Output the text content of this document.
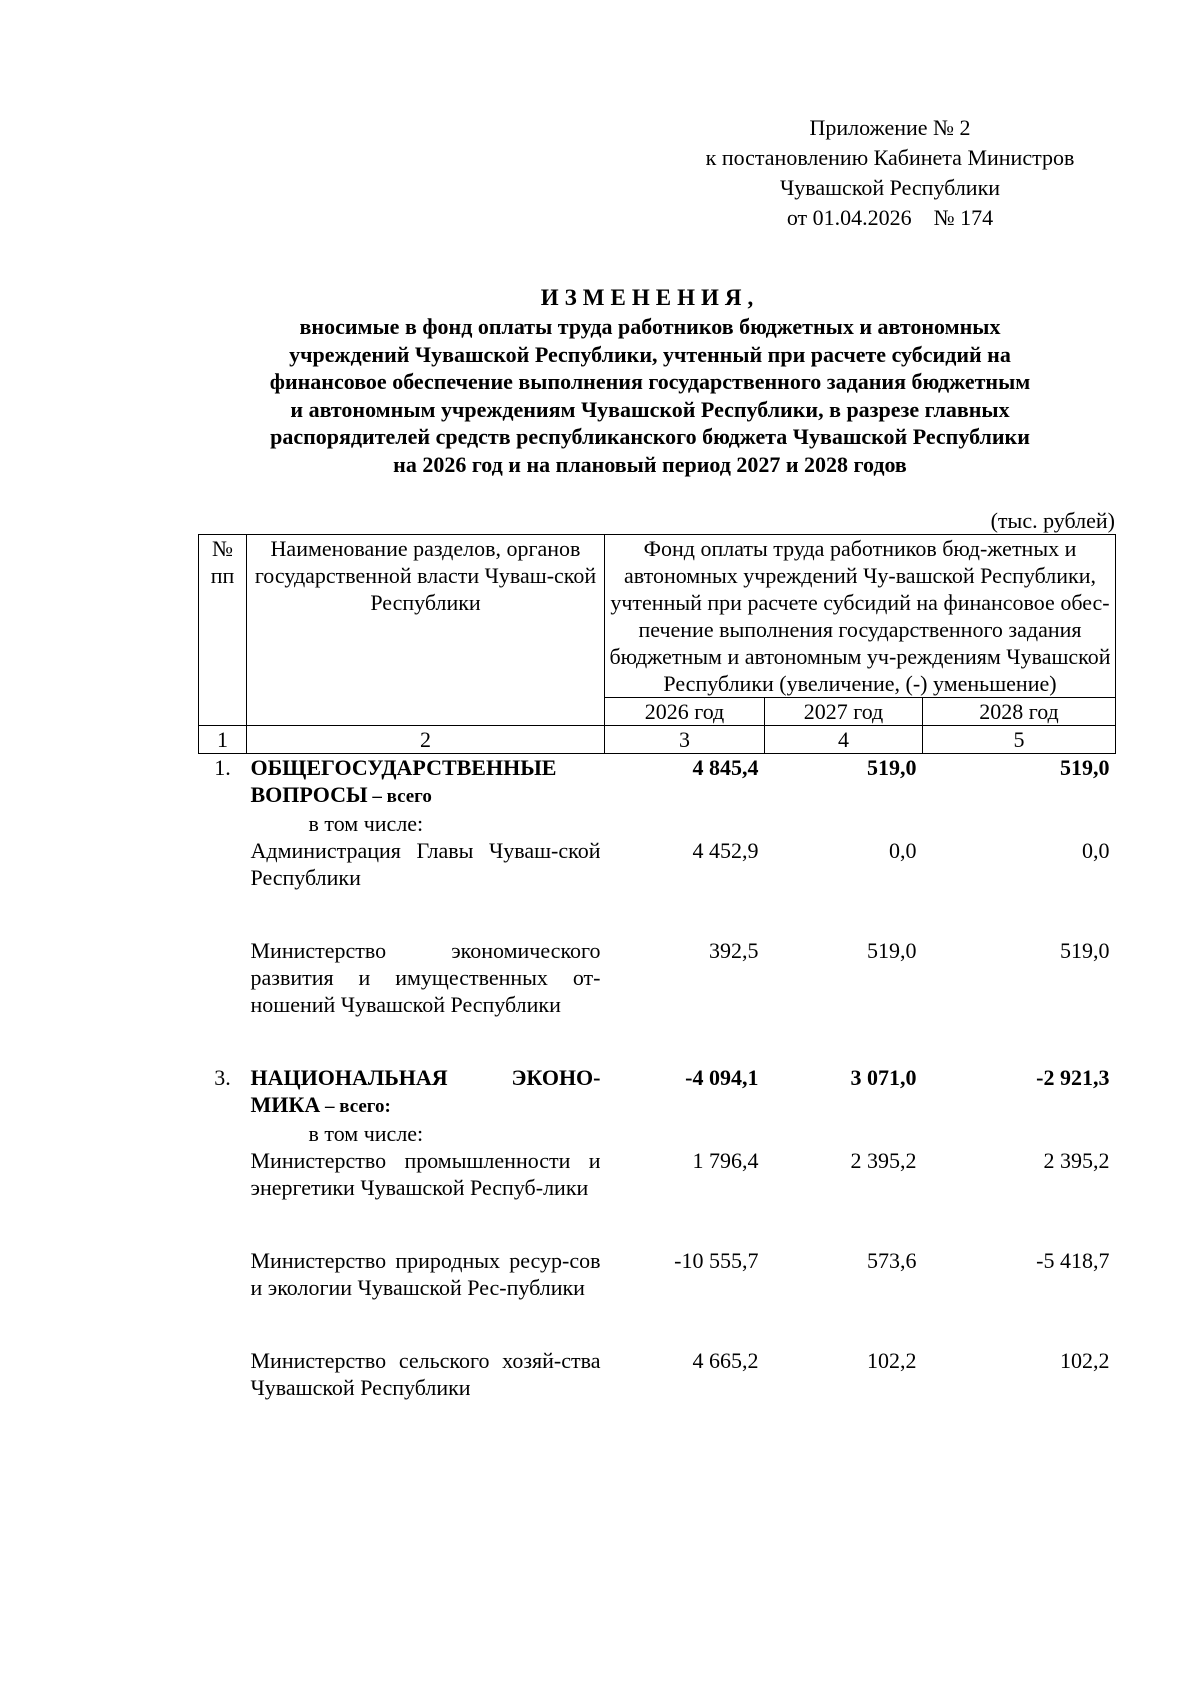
Приложение № 2
к постановлению Кабинета Министров
Чувашской Республики
от 01.04.2026    № 174
ИЗМЕНЕНИЯ,
вносимые в фонд оплаты труда работников бюджетных и автономных
учреждений Чувашской Республики, учтенный при расчете субсидий на
финансовое обеспечение выполнения государственного задания бюджетным
и автономным учреждениям Чувашской Республики, в разрезе главных
распорядителей средств республиканского бюджета Чувашской Республики
на 2026 год и на плановый период 2027 и 2028 годов
(тыс. рублей)
№ пп	Наименование разделов, органов государственной власти Чуваш-ской Республики	Фонд оплаты труда работников бюд-жетных и автономных учреждений Чу-вашской Республики, учтенный при расчете субсидий на финансовое обес-печение выполнения государственного задания бюджетным и автономным уч-реждениям Чувашской Республики (увеличение, (-) уменьшение)		
		2026 год	2027 год	2028 год
1	2	3	4	5
1.	ОБЩЕГОСУДАРСТВЕННЫЕ ВОПРОСЫ – всего	4 845,4	519,0	519,0
	в том числе:			
	Администрация Главы Чуваш-ской Республики	4 452,9	0,0	0,0

	Министерство экономического развития и имущественных от-ношений Чувашской Республики	392,5	519,0	519,0

3.	НАЦИОНАЛЬНАЯ ЭКОНО-МИКА – всего:	-4 094,1	3 071,0	-2 921,3
	в том числе:			
	Министерство промышленности и энергетики Чувашской Респуб-лики	1 796,4	2 395,2	2 395,2

	Министерство природных ресур-сов и экологии Чувашской Рес-публики	-10 555,7	573,6	-5 418,7

	Министерство сельского хозяй-ства Чувашской Республики	4 665,2	102,2	102,2
